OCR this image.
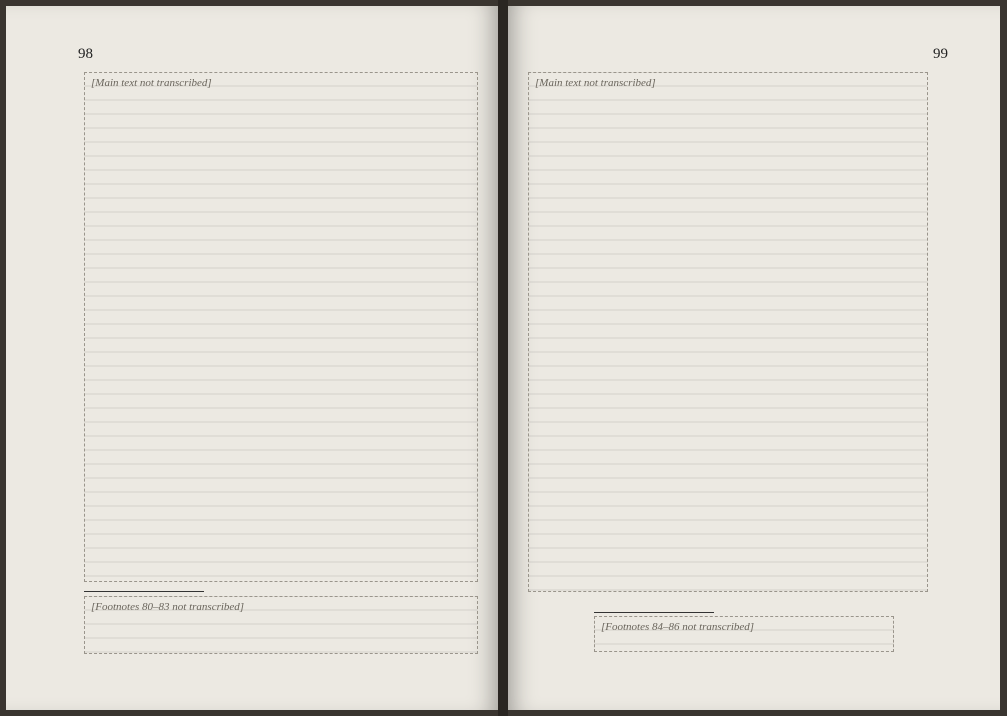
98
[Main text not transcribed]
[Footnotes 80–83 not transcribed]
99
[Main text not transcribed]
[Footnotes 84–86 not transcribed]
